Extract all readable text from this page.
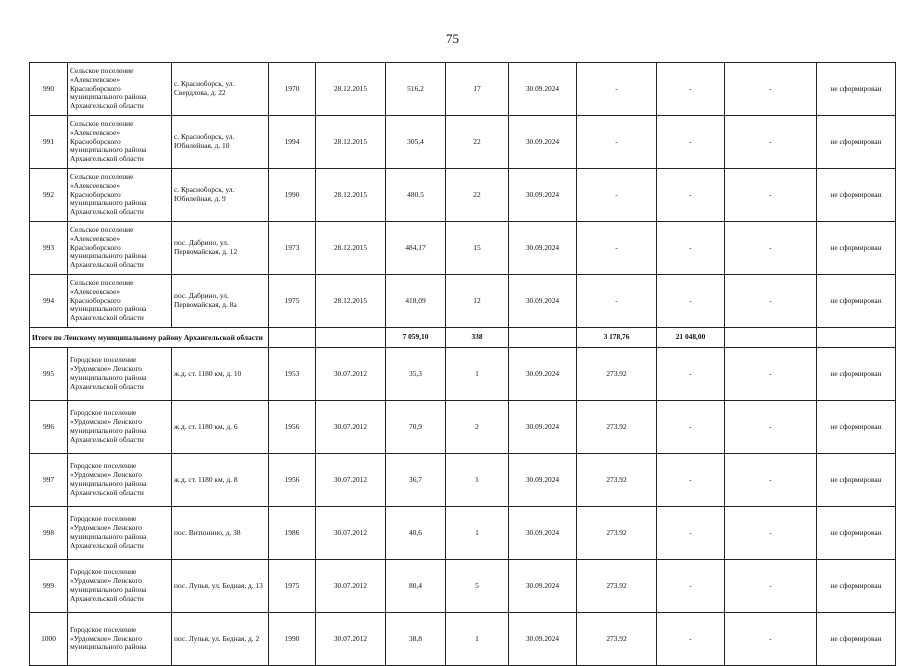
75
990	Сельское поселение «Алексеевское» Красноборского муниципального района Архангельской области	с. Красноборск, ул. Свердлова, д. 22	1970	28.12.2015	516,2	17	30.09.2024	-	-	-	не сформирован
991	Сельское поселение «Алексеевское» Красноборского муниципального района Архангельской области	с. Красноборск, ул. Юбилейная, д. 10	1994	28.12.2015	305,4	22	30.09.2024	-	-	-	не сформирован
992	Сельское поселение «Алексеевское» Красноборского муниципального района Архангельской области	с. Красноборск, ул. Юбилейная, д. 9	1990	28.12.2015	480.5	22	30.09.2024	-	-	-	не сформирован
993	Сельское поселение «Алексеевское» Красноборского муниципального района Архангельской области	пос. Дабрино, ул. Первомайская, д. 12	1973	28.12.2015	484,17	15	30.09.2024	-	-	-	не сформирован
994	Сельское поселение «Алексеевское» Красноборского муниципального района Архангельской области	пос. Дабрино, ул. Первомайская, д. 8а	1975	28.12.2015	418,09	12	30.09.2024	-	-	-	не сформирован
Итого по Ленскому муниципальному району Архангельской области					7 059,10	338		3 178,76	21 048,00		
995	Городское поселение «Урдомское» Ленского муниципального района Архангельской области	ж.д. ст. 1180 км, д. 10	1953	30.07.2012	35,3	1	30.09.2024	273.92	-	-	не сформирован
996	Городское поселение «Урдомское» Ленского муниципального района Архангельской области	ж.д. ст. 1180 км, д. 6	1956	30.07.2012	70,9	2	30.09.2024	273.92	-	-	не сформирован
997	Городское поселение «Урдомское» Ленского муниципального района Архангельской области	ж.д. ст. 1180 км, д. 8	1956	30.07.2012	36,7	1	30.09.2024	273.92	-	-	не сформирован
998	Городское поселение «Урдомское» Ленского муниципального района Архангельской области	пос. Витюнино, д. 38	1986	30.07.2012	40,6	1	30.09.2024	273.92	-	-	не сформирован
999	Городское поселение «Урдомское» Ленского муниципального района Архангельской области	пос. Лупья, ул. Бедная, д. 13	1975	30.07.2012	80,4	5	30.09.2024	273.92	-	-	не сформирован
1000	Городское поселение «Урдомское» Ленского муниципального района	пос. Лупья, ул. Бедная, д. 2	1990	30.07.2012	38,8	1	30.09.2024	273.92	-	-	не сформирован
